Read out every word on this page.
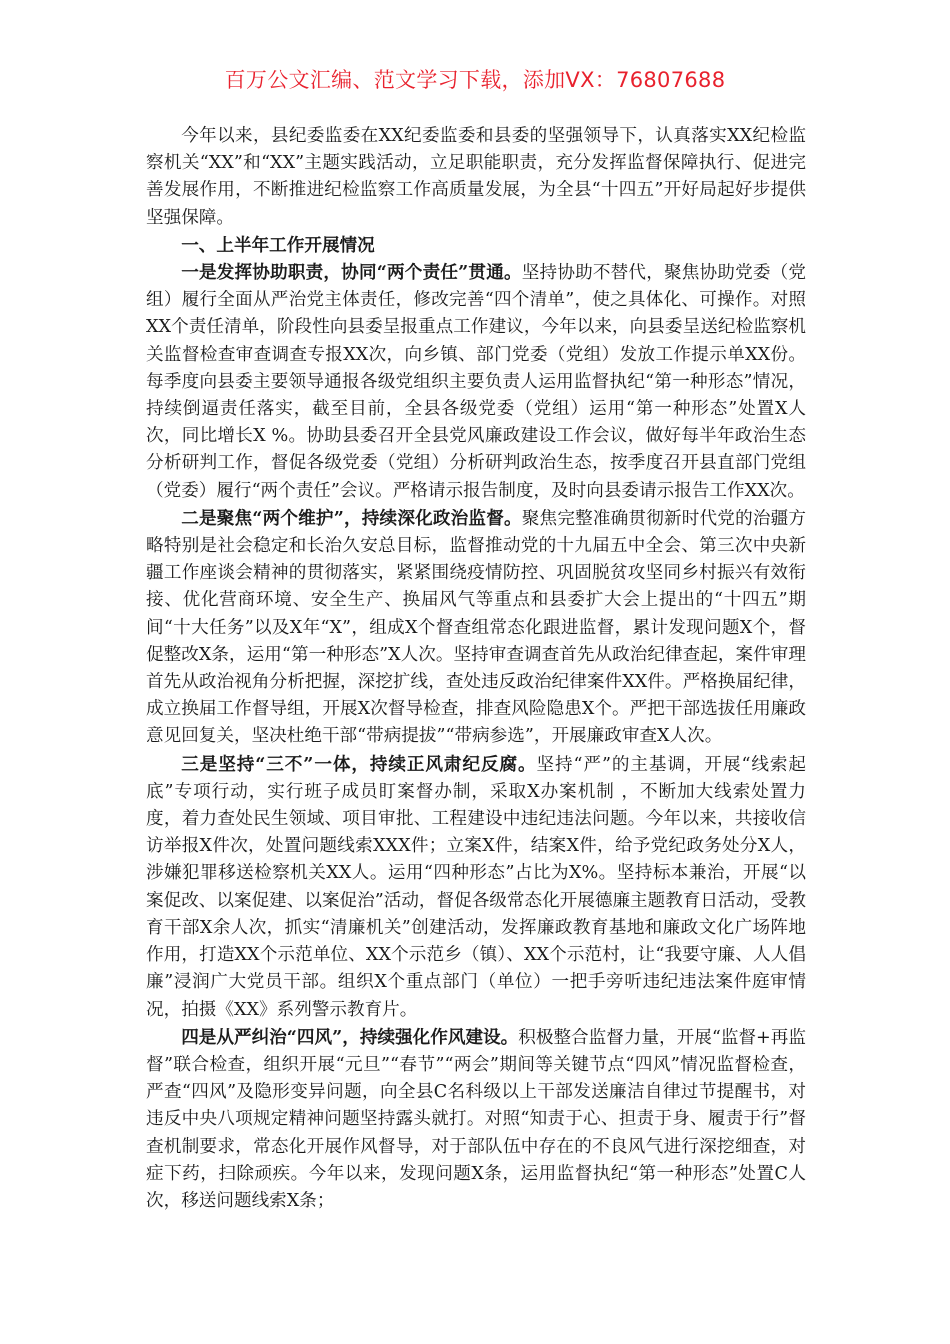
百万公文汇编、范文学习下载，添加VX：76807688

今年以来，县纪委监委在XX纪委监委和县委的坚强领导下，认真落实XX纪检监察机关“XX”和“XX”主题实践活动，立足职能职责，充分发挥监督保障执行、促进完善发展作用，不断推进纪检监察工作高质量发展，为全县“十四五”开好局起好步提供坚强保障。

一、上半年工作开展情况

一是发挥协助职责，协同“两个责任”贯通。坚持协助不替代，聚焦协助党委（党组）履行全面从严治党主体责任，修改完善“四个清单”，使之具体化、可操作。对照XX个责任清单，阶段性向县委呈报重点工作建议，今年以来，向县委呈送纪检监察机关监督检查审查调查专报XX次，向乡镇、部门党委（党组）发放工作提示单XX份。每季度向县委主要领导通报各级党组织主要负责人运用监督执纪“第一种形态”情况，持续倒逼责任落实，截至目前，全县各级党委（党组）运用“第一种形态”处置X人次，同比增长X %。协助县委召开全县党风廉政建设工作会议，做好每半年政治生态分析研判工作，督促各级党委（党组）分析研判政治生态，按季度召开县直部门党组（党委）履行“两个责任”会议。严格请示报告制度，及时向县委请示报告工作XX次。

二是聚焦“两个维护”，持续深化政治监督。聚焦完整准确贯彻新时代党的治疆方略特别是社会稳定和长治久安总目标，监督推动党的十九届五中全会、第三次中央新疆工作座谈会精神的贯彻落实，紧紧围绕疫情防控、巩固脱贫攻坚同乡村振兴有效衔接、优化营商环境、安全生产、换届风气等重点和县委扩大会上提出的“十四五”期间“十大任务”以及X年“X”，组成X个督查组常态化跟进监督，累计发现问题X个，督促整改X条，运用“第一种形态”X人次。坚持审查调查首先从政治纪律查起，案件审理首先从政治视角分析把握，深挖扩线，查处违反政治纪律案件XX件。严格换届纪律，成立换届工作督导组，开展X次督导检查，排查风险隐患X个。严把干部选拔任用廉政意见回复关，坚决杜绝干部“带病提拔”“带病参选”，开展廉政审查X人次。

三是坚持“三不”一体，持续正风肃纪反腐。坚持“严”的主基调，开展“线索起底”专项行动，实行班子成员盯案督办制，采取X办案机制 ，不断加大线索处置力度，着力查处民生领域、项目审批、工程建设中违纪违法问题。今年以来，共接收信访举报X件次，处置问题线索XXX件；立案X件，结案X件，给予党纪政务处分X人，涉嫌犯罪移送检察机关XX人。运用“四种形态”占比为X%。坚持标本兼治，开展“以案促改、以案促建、以案促治”活动，督促各级常态化开展德廉主题教育日活动，受教育干部X余人次，抓实“清廉机关”创建活动，发挥廉政教育基地和廉政文化广场阵地作用，打造XX个示范单位、XX个示范乡（镇）、XX个示范村，让“我要守廉、人人倡廉”浸润广大党员干部。组织X个重点部门（单位）一把手旁听违纪违法案件庭审情况，拍摄《XX》系列警示教育片。

四是从严纠治“四风”，持续强化作风建设。积极整合监督力量，开展“监督+再监督”联合检查，组织开展“元旦”“春节”“两会”期间等关键节点“四风”情况监督检查，严查“四风”及隐形变异问题，向全县C名科级以上干部发送廉洁自律过节提醒书，对违反中央八项规定精神问题坚持露头就打。对照“知责于心、担责于身、履责于行”督查机制要求，常态化开展作风督导，对于部队伍中存在的不良风气进行深挖细查，对症下药，扫除顽疾。今年以来，发现问题X条，运用监督执纪“第一种形态”处置C人次，移送问题线索X条；
